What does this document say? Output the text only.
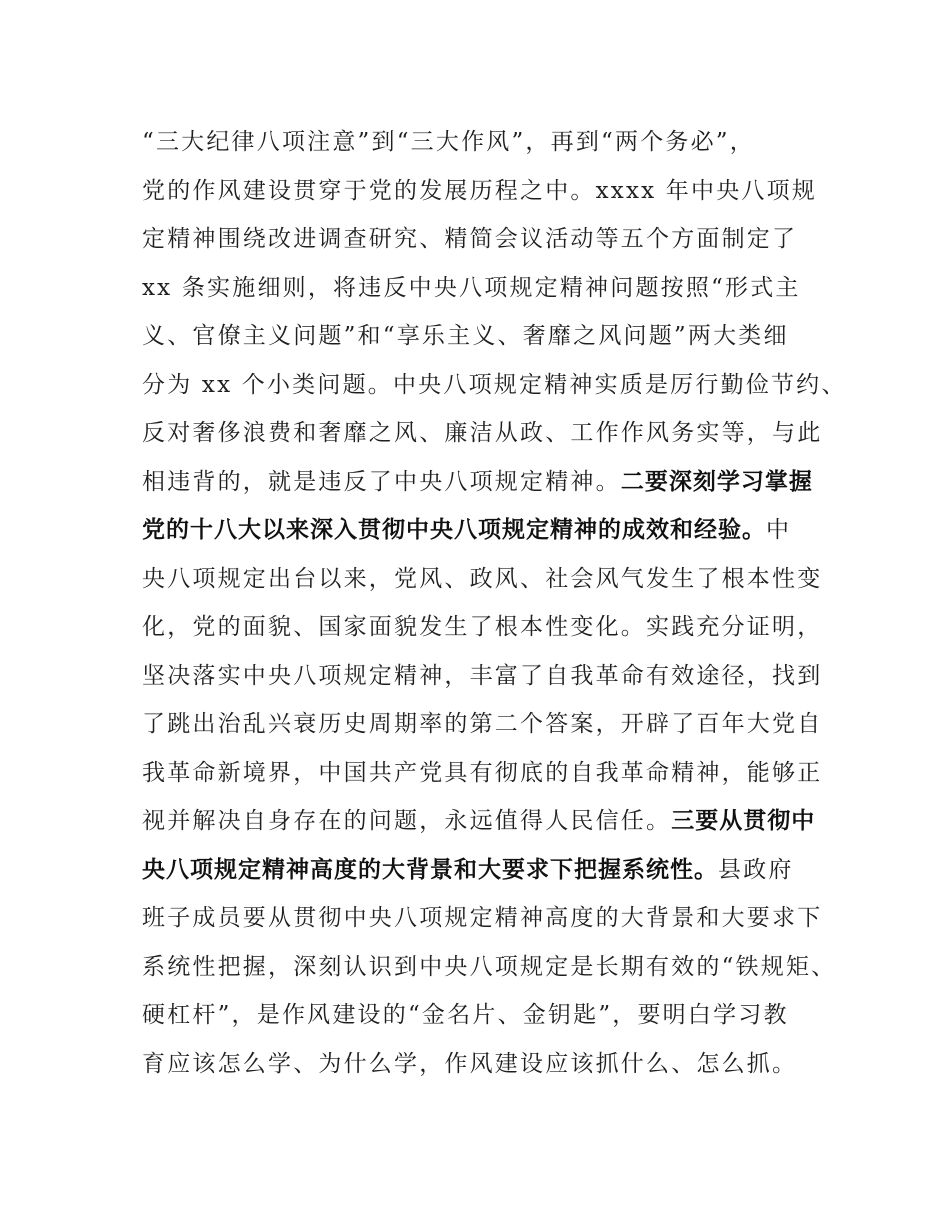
“三大纪律八项注意”到“三大作风”，再到“两个务必”，
党的作风建设贯穿于党的发展历程之中。xxxx 年中央八项规
定精神围绕改进调查研究、精简会议活动等五个方面制定了
xx 条实施细则，将违反中央八项规定精神问题按照“形式主
义、官僚主义问题”和“享乐主义、奢靡之风问题”两大类细
分为 xx 个小类问题。中央八项规定精神实质是厉行勤俭节约、
反对奢侈浪费和奢靡之风、廉洁从政、工作作风务实等，与此
相违背的，就是违反了中央八项规定精神。二要深刻学习掌握
党的十八大以来深入贯彻中央八项规定精神的成效和经验。中
央八项规定出台以来，党风、政风、社会风气发生了根本性变
化，党的面貌、国家面貌发生了根本性变化。实践充分证明，
坚决落实中央八项规定精神，丰富了自我革命有效途径，找到
了跳出治乱兴衰历史周期率的第二个答案，开辟了百年大党自
我革命新境界，中国共产党具有彻底的自我革命精神，能够正
视并解决自身存在的问题，永远值得人民信任。三要从贯彻中
央八项规定精神高度的大背景和大要求下把握系统性。县政府
班子成员要从贯彻中央八项规定精神高度的大背景和大要求下
系统性把握，深刻认识到中央八项规定是长期有效的“铁规矩、
硬杠杆”，是作风建设的“金名片、金钥匙”，要明白学习教
育应该怎么学、为什么学，作风建设应该抓什么、怎么抓。
